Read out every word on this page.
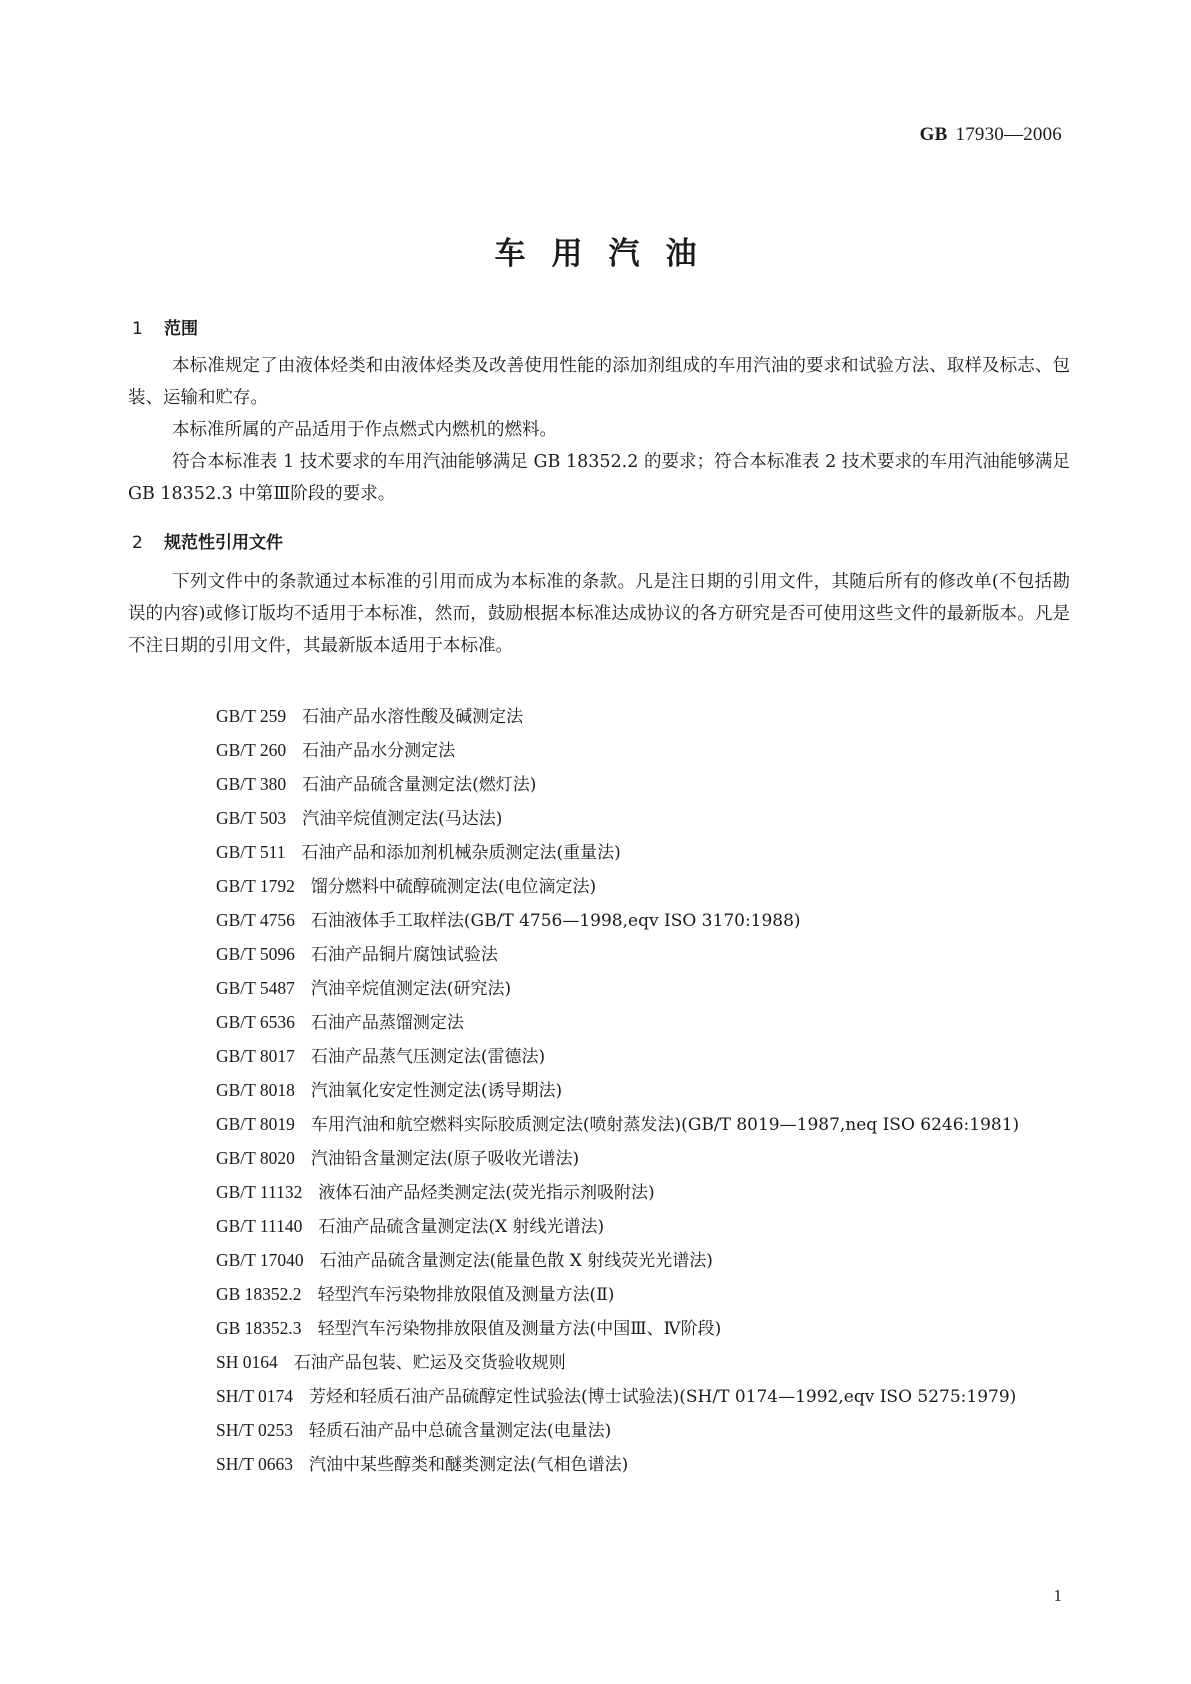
GB 17930—2006
车用汽油
1 范围
本标准规定了由液体烃类和由液体烃类及改善使用性能的添加剂组成的车用汽油的要求和试验方法、取样及标志、包装、运输和贮存。
本标准所属的产品适用于作点燃式内燃机的燃料。
符合本标准表 1 技术要求的车用汽油能够满足 GB 18352.2 的要求；符合本标准表 2 技术要求的车用汽油能够满足 GB 18352.3 中第Ⅲ阶段的要求。
2 规范性引用文件
下列文件中的条款通过本标准的引用而成为本标准的条款。凡是注日期的引用文件，其随后所有的修改单(不包括勘误的内容)或修订版均不适用于本标准，然而，鼓励根据本标准达成协议的各方研究是否可使用这些文件的最新版本。凡是不注日期的引用文件，其最新版本适用于本标准。
GB/T 259 石油产品水溶性酸及碱测定法
GB/T 260 石油产品水分测定法
GB/T 380 石油产品硫含量测定法(燃灯法)
GB/T 503 汽油辛烷值测定法(马达法)
GB/T 511 石油产品和添加剂机械杂质测定法(重量法)
GB/T 1792 馏分燃料中硫醇硫测定法(电位滴定法)
GB/T 4756 石油液体手工取样法(GB/T 4756—1998,eqv ISO 3170:1988)
GB/T 5096 石油产品铜片腐蚀试验法
GB/T 5487 汽油辛烷值测定法(研究法)
GB/T 6536 石油产品蒸馏测定法
GB/T 8017 石油产品蒸气压测定法(雷德法)
GB/T 8018 汽油氧化安定性测定法(诱导期法)
GB/T 8019 车用汽油和航空燃料实际胶质测定法(喷射蒸发法)(GB/T 8019—1987,neq ISO 6246:1981)
GB/T 8020 汽油铅含量测定法(原子吸收光谱法)
GB/T 11132 液体石油产品烃类测定法(荧光指示剂吸附法)
GB/T 11140 石油产品硫含量测定法(X 射线光谱法)
GB/T 17040 石油产品硫含量测定法(能量色散 X 射线荧光光谱法)
GB 18352.2 轻型汽车污染物排放限值及测量方法(Ⅱ)
GB 18352.3 轻型汽车污染物排放限值及测量方法(中国Ⅲ、Ⅳ阶段)
SH 0164 石油产品包装、贮运及交货验收规则
SH/T 0174 芳烃和轻质石油产品硫醇定性试验法(博士试验法)(SH/T 0174—1992,eqv ISO 5275:1979)
SH/T 0253 轻质石油产品中总硫含量测定法(电量法)
SH/T 0663 汽油中某些醇类和醚类测定法(气相色谱法)
1
